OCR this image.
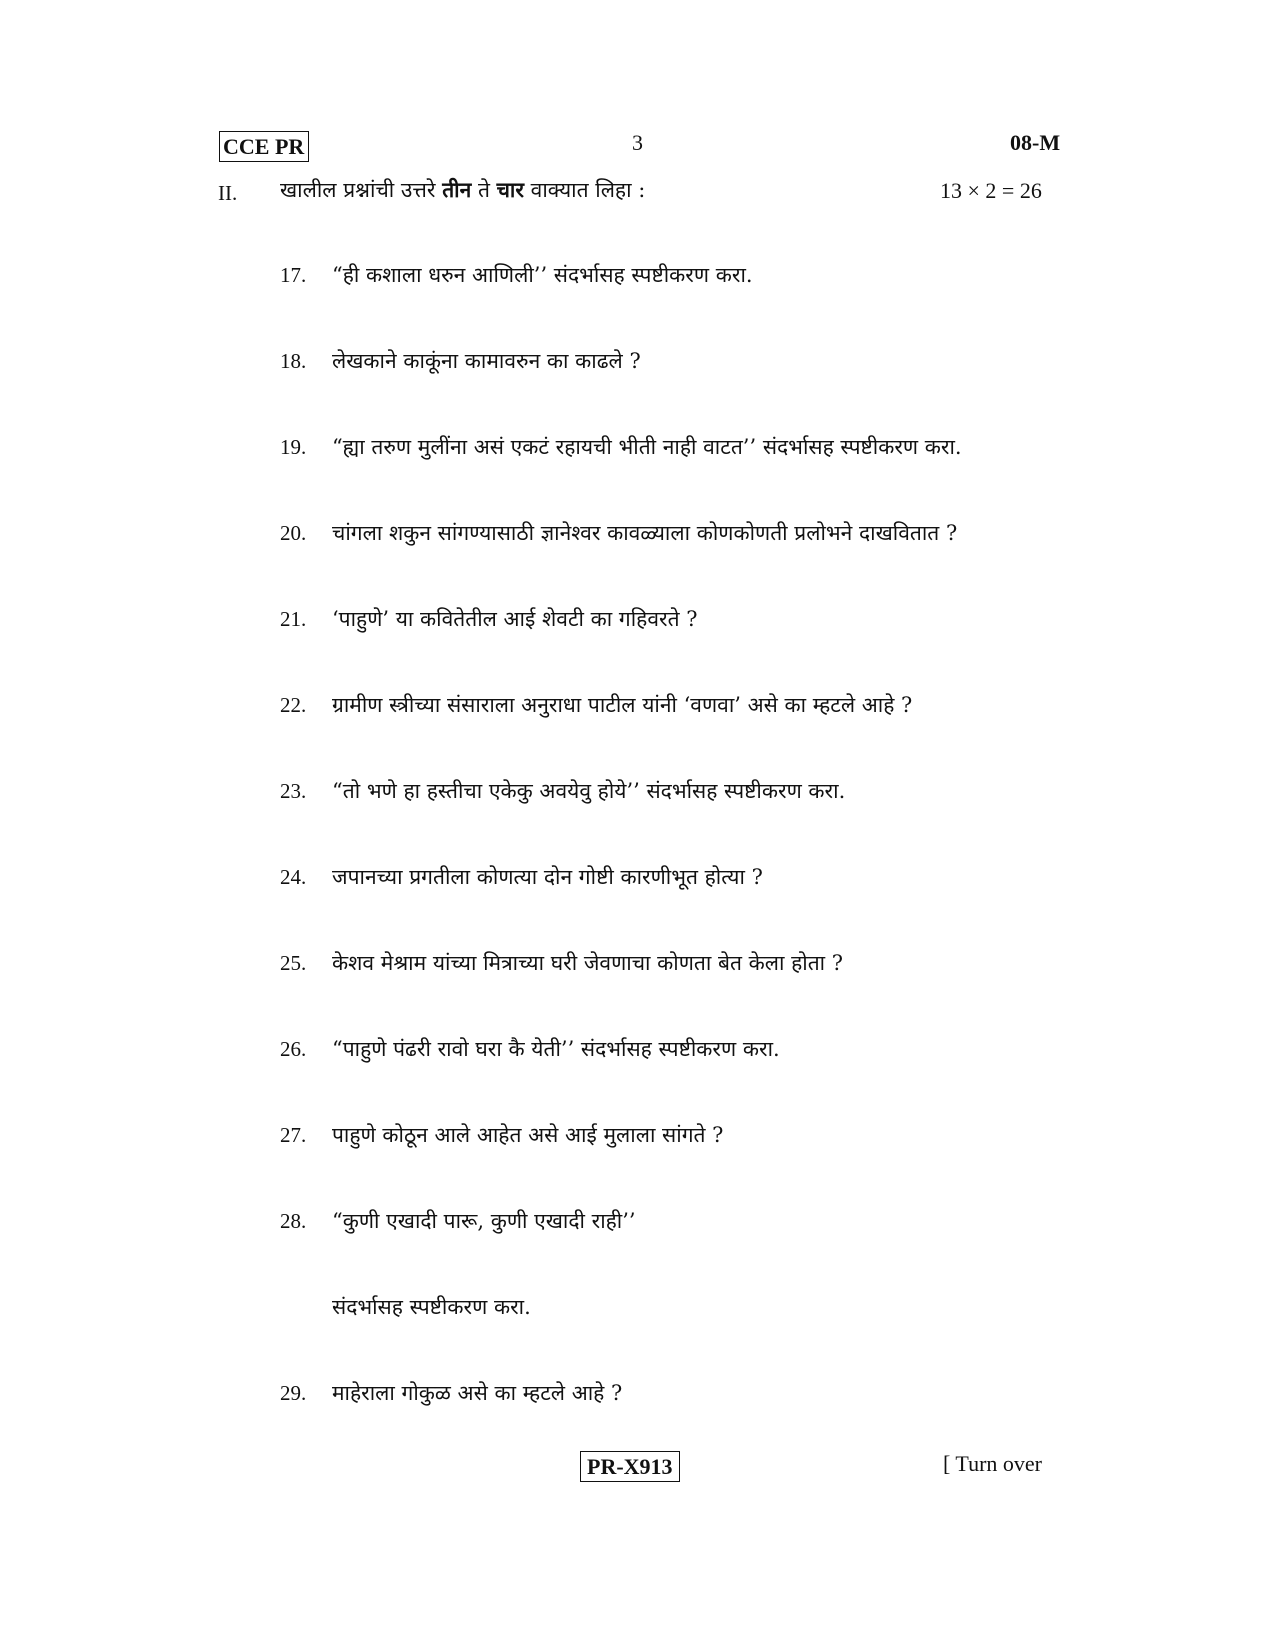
CCE PR	3	08-M
II. खालील प्रश्नांची उत्तरे तीन ते चार वाक्यात लिहा :	13 × 2 = 26
17.	“ही कशाला धरुन आणिली’’ संदर्भासह स्पष्टीकरण करा.
18.	लेखकाने काकूंना कामावरुन का काढले ?
19.	“ह्या तरुण मुलींना असं एकटं रहायची भीती नाही वाटत’’ संदर्भासह स्पष्टीकरण करा.
20.	चांगला शकुन सांगण्यासाठी ज्ञानेश्वर कावळ्याला कोणकोणती प्रलोभने दाखवितात ?
21.	‘पाहुणे’ या कवितेतील आई शेवटी का गहिवरते ?
22.	ग्रामीण स्त्रीच्या संसाराला अनुराधा पाटील यांनी ‘वणवा’ असे का म्हटले आहे ?
23.	“तो भणे हा हस्तीचा एकेकु अवयेवु होये’’ संदर्भासह स्पष्टीकरण करा.
24.	जपानच्या प्रगतीला कोणत्या दोन गोष्टी कारणीभूत होत्या ?
25.	केशव मेश्राम यांच्या मित्राच्या घरी जेवणाचा कोणता बेत केला होता ?
26.	“पाहुणे पंढरी रावो घरा कै येती’’ संदर्भासह स्पष्टीकरण करा.
27.	पाहुणे कोठून आले आहेत असे आई मुलाला सांगते ?
28.	“कुणी एखादी पारू, कुणी एखादी राही’’
संदर्भासह स्पष्टीकरण करा.
29.	माहेराला गोकुळ असे का म्हटले आहे ?
PR-X913	[ Turn over
